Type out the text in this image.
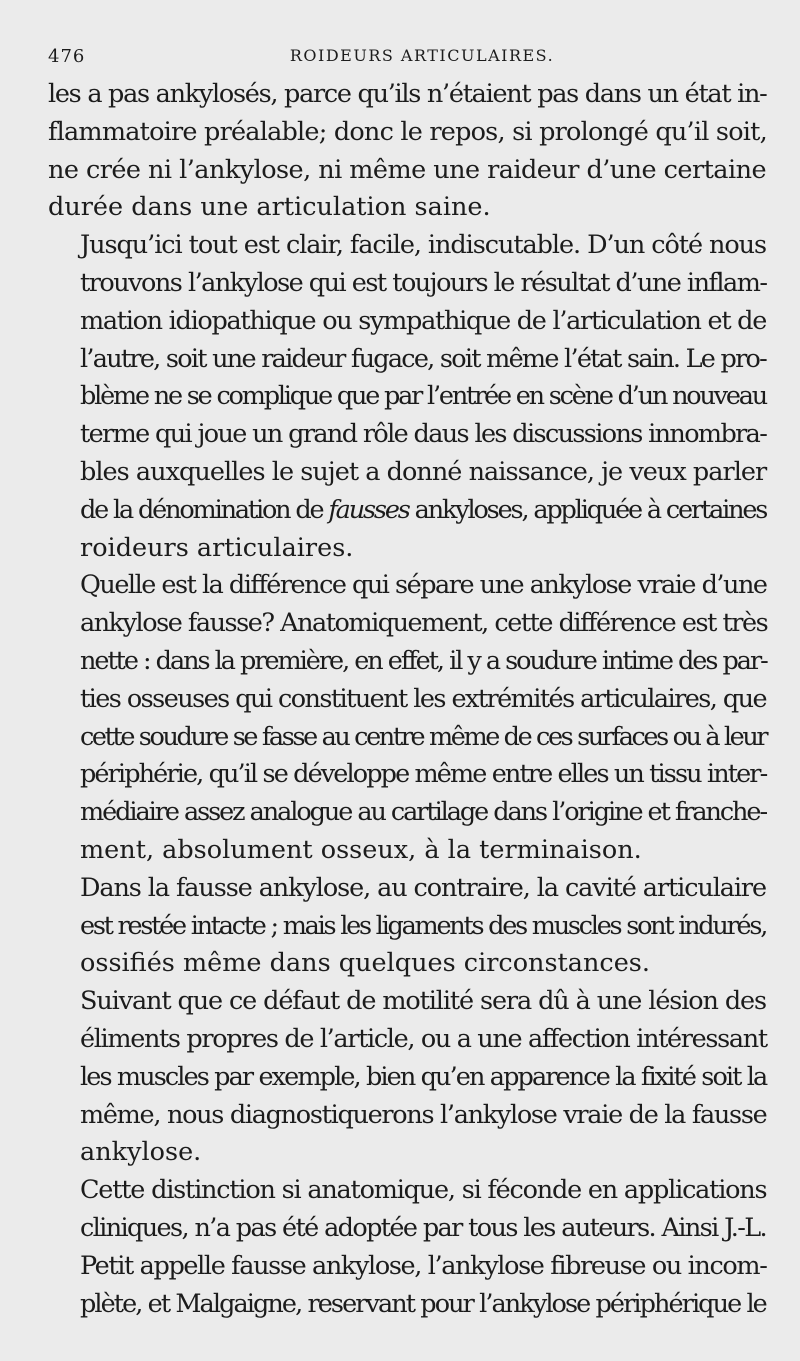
476	ROIDEURS ARTICULAIRES.

les a pas ankylosés, parce qu’ils n’étaient pas dans un état in-
flammatoire préalable; donc le repos, si prolongé qu’il soit,
ne crée ni l’ankylose, ni même une raideur d’une certaine
durée dans une articulation saine.

Jusqu’ici tout est clair, facile, indiscutable. D’un côté nous
trouvons l’ankylose qui est toujours le résultat d’une inflam-
mation idiopathique ou sympathique de l’articulation et de
l’autre, soit une raideur fugace, soit même l’état sain. Le pro-
blème ne se complique que par l’entrée en scène d’un nouveau
terme qui joue un grand rôle daus les discussions innombra-
bles auxquelles le sujet a donné naissance, je veux parler
de la dénomination de fausses ankyloses, appliquée à certaines
roideurs articulaires.

Quelle est la différence qui sépare une ankylose vraie d’une
ankylose fausse? Anatomiquement, cette différence est très
nette : dans la première, en effet, il y a soudure intime des par-
ties osseuses qui constituent les extrémités articulaires, que
cette soudure se fasse au centre même de ces surfaces ou à leur
périphérie, qu’il se développe même entre elles un tissu inter-
médiaire assez analogue au cartilage dans l’origine et franche-
ment, absolument osseux, à la terminaison.

Dans la fausse ankylose, au contraire, la cavité articulaire
est restée intacte ; mais les ligaments des muscles sont indurés,
ossifiés même dans quelques circonstances.

Suivant que ce défaut de motilité sera dû à une lésion des
éliments propres de l’article, ou a une affection intéressant
les muscles par exemple, bien qu’en apparence la fixité soit la
même, nous diagnostiquerons l’ankylose vraie de la fausse
ankylose.

Cette distinction si anatomique, si féconde en applications
cliniques, n’a pas été adoptée par tous les auteurs. Ainsi J.-L.
Petit appelle fausse ankylose, l’ankylose fibreuse ou incom-
plète, et Malgaigne, reservant pour l’ankylose périphérique le
